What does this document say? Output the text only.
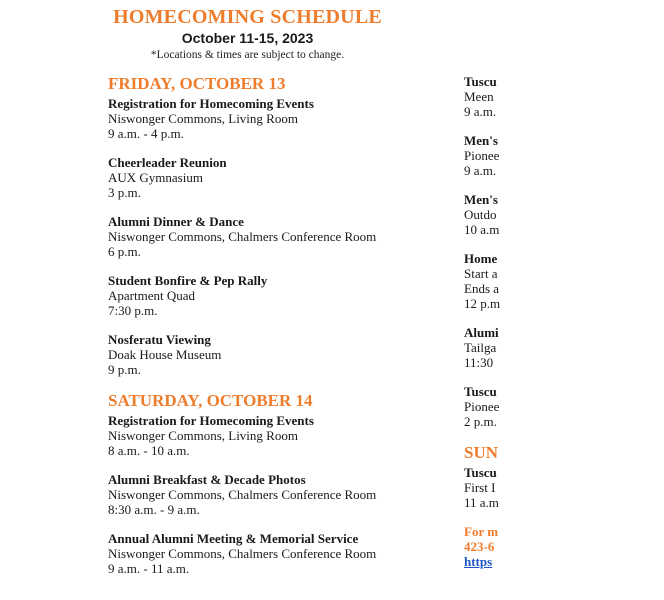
HOMECOMING SCHEDULE
October 11-15, 2023
*Locations & times are subject to change.
FRIDAY, OCTOBER 13
Registration for Homecoming Events
Niswonger Commons, Living Room
9 a.m. - 4 p.m.
Cheerleader Reunion
AUX Gymnasium
3 p.m.
Alumni Dinner & Dance
Niswonger Commons, Chalmers Conference Room
6 p.m.
Student Bonfire & Pep Rally
Apartment Quad
7:30 p.m.
Nosferatu Viewing
Doak House Museum
9 p.m.
SATURDAY, OCTOBER 14
Registration for Homecoming Events
Niswonger Commons, Living Room
8 a.m. - 10 a.m.
Alumni Breakfast & Decade Photos
Niswonger Commons, Chalmers Conference Room
8:30 a.m. - 9 a.m.
Annual Alumni Meeting & Memorial Service
Niswonger Commons, Chalmers Conference Room
9 a.m. - 11 a.m.
Tuscu
Meen
9 a.m.
Men's
Pionee
9 a.m.
Men's
Outdo
10 a.m
Home
Start a
Ends a
12 p.m
Alumi
Tailga
11:30
Tuscu
Pionee
2 p.m.
SUN
Tuscu
First I
11 a.m
For m
423-6
https
